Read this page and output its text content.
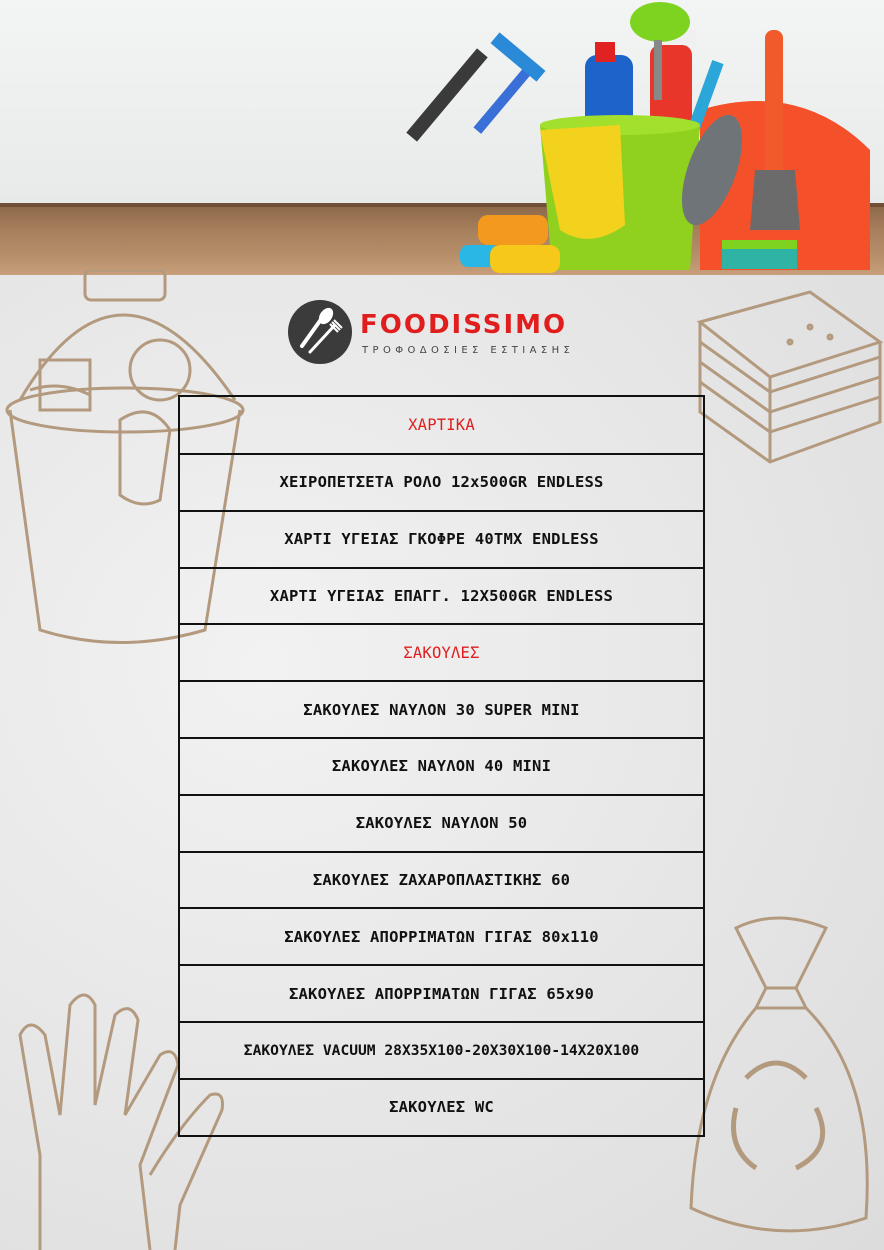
FOODISSIMO
ΤΡΟΦΟΔΟΣΙΕΣ ΕΣΤΙΑΣΗΣ
ΧΑΡΤΙΚΑ
ΧΕΙΡΟΠΕΤΣΕΤΑ ΡΟΛΟ 12x500GR ENDLESS
ΧΑΡΤΙ ΥΓΕΙΑΣ ΓΚΟΦΡΕ 40ΤΜΧ ENDLESS
ΧΑΡΤΙ ΥΓΕΙΑΣ ΕΠΑΓΓ. 12X500GR ENDLESS
ΣΑΚΟΥΛΕΣ
ΣΑΚΟΥΛΕΣ ΝΑΥΛΟΝ 30 SUPER MINI
ΣΑΚΟΥΛΕΣ ΝΑΥΛΟΝ 40 MINI
ΣΑΚΟΥΛΕΣ ΝΑΥΛΟΝ 50
ΣΑΚΟΥΛΕΣ ΖΑΧΑΡΟΠΛΑΣΤΙΚΗΣ 60
ΣΑΚΟΥΛΕΣ ΑΠΟΡΡΙΜΑΤΩΝ ΓΙΓΑΣ 80x110
ΣΑΚΟΥΛΕΣ ΑΠΟΡΡΙΜΑΤΩΝ ΓΙΓΑΣ 65x90
ΣΑΚΟΥΛΕΣ VACUUM 28X35X100-20X30X100-14X20X100
ΣΑΚΟΥΛΕΣ WC
